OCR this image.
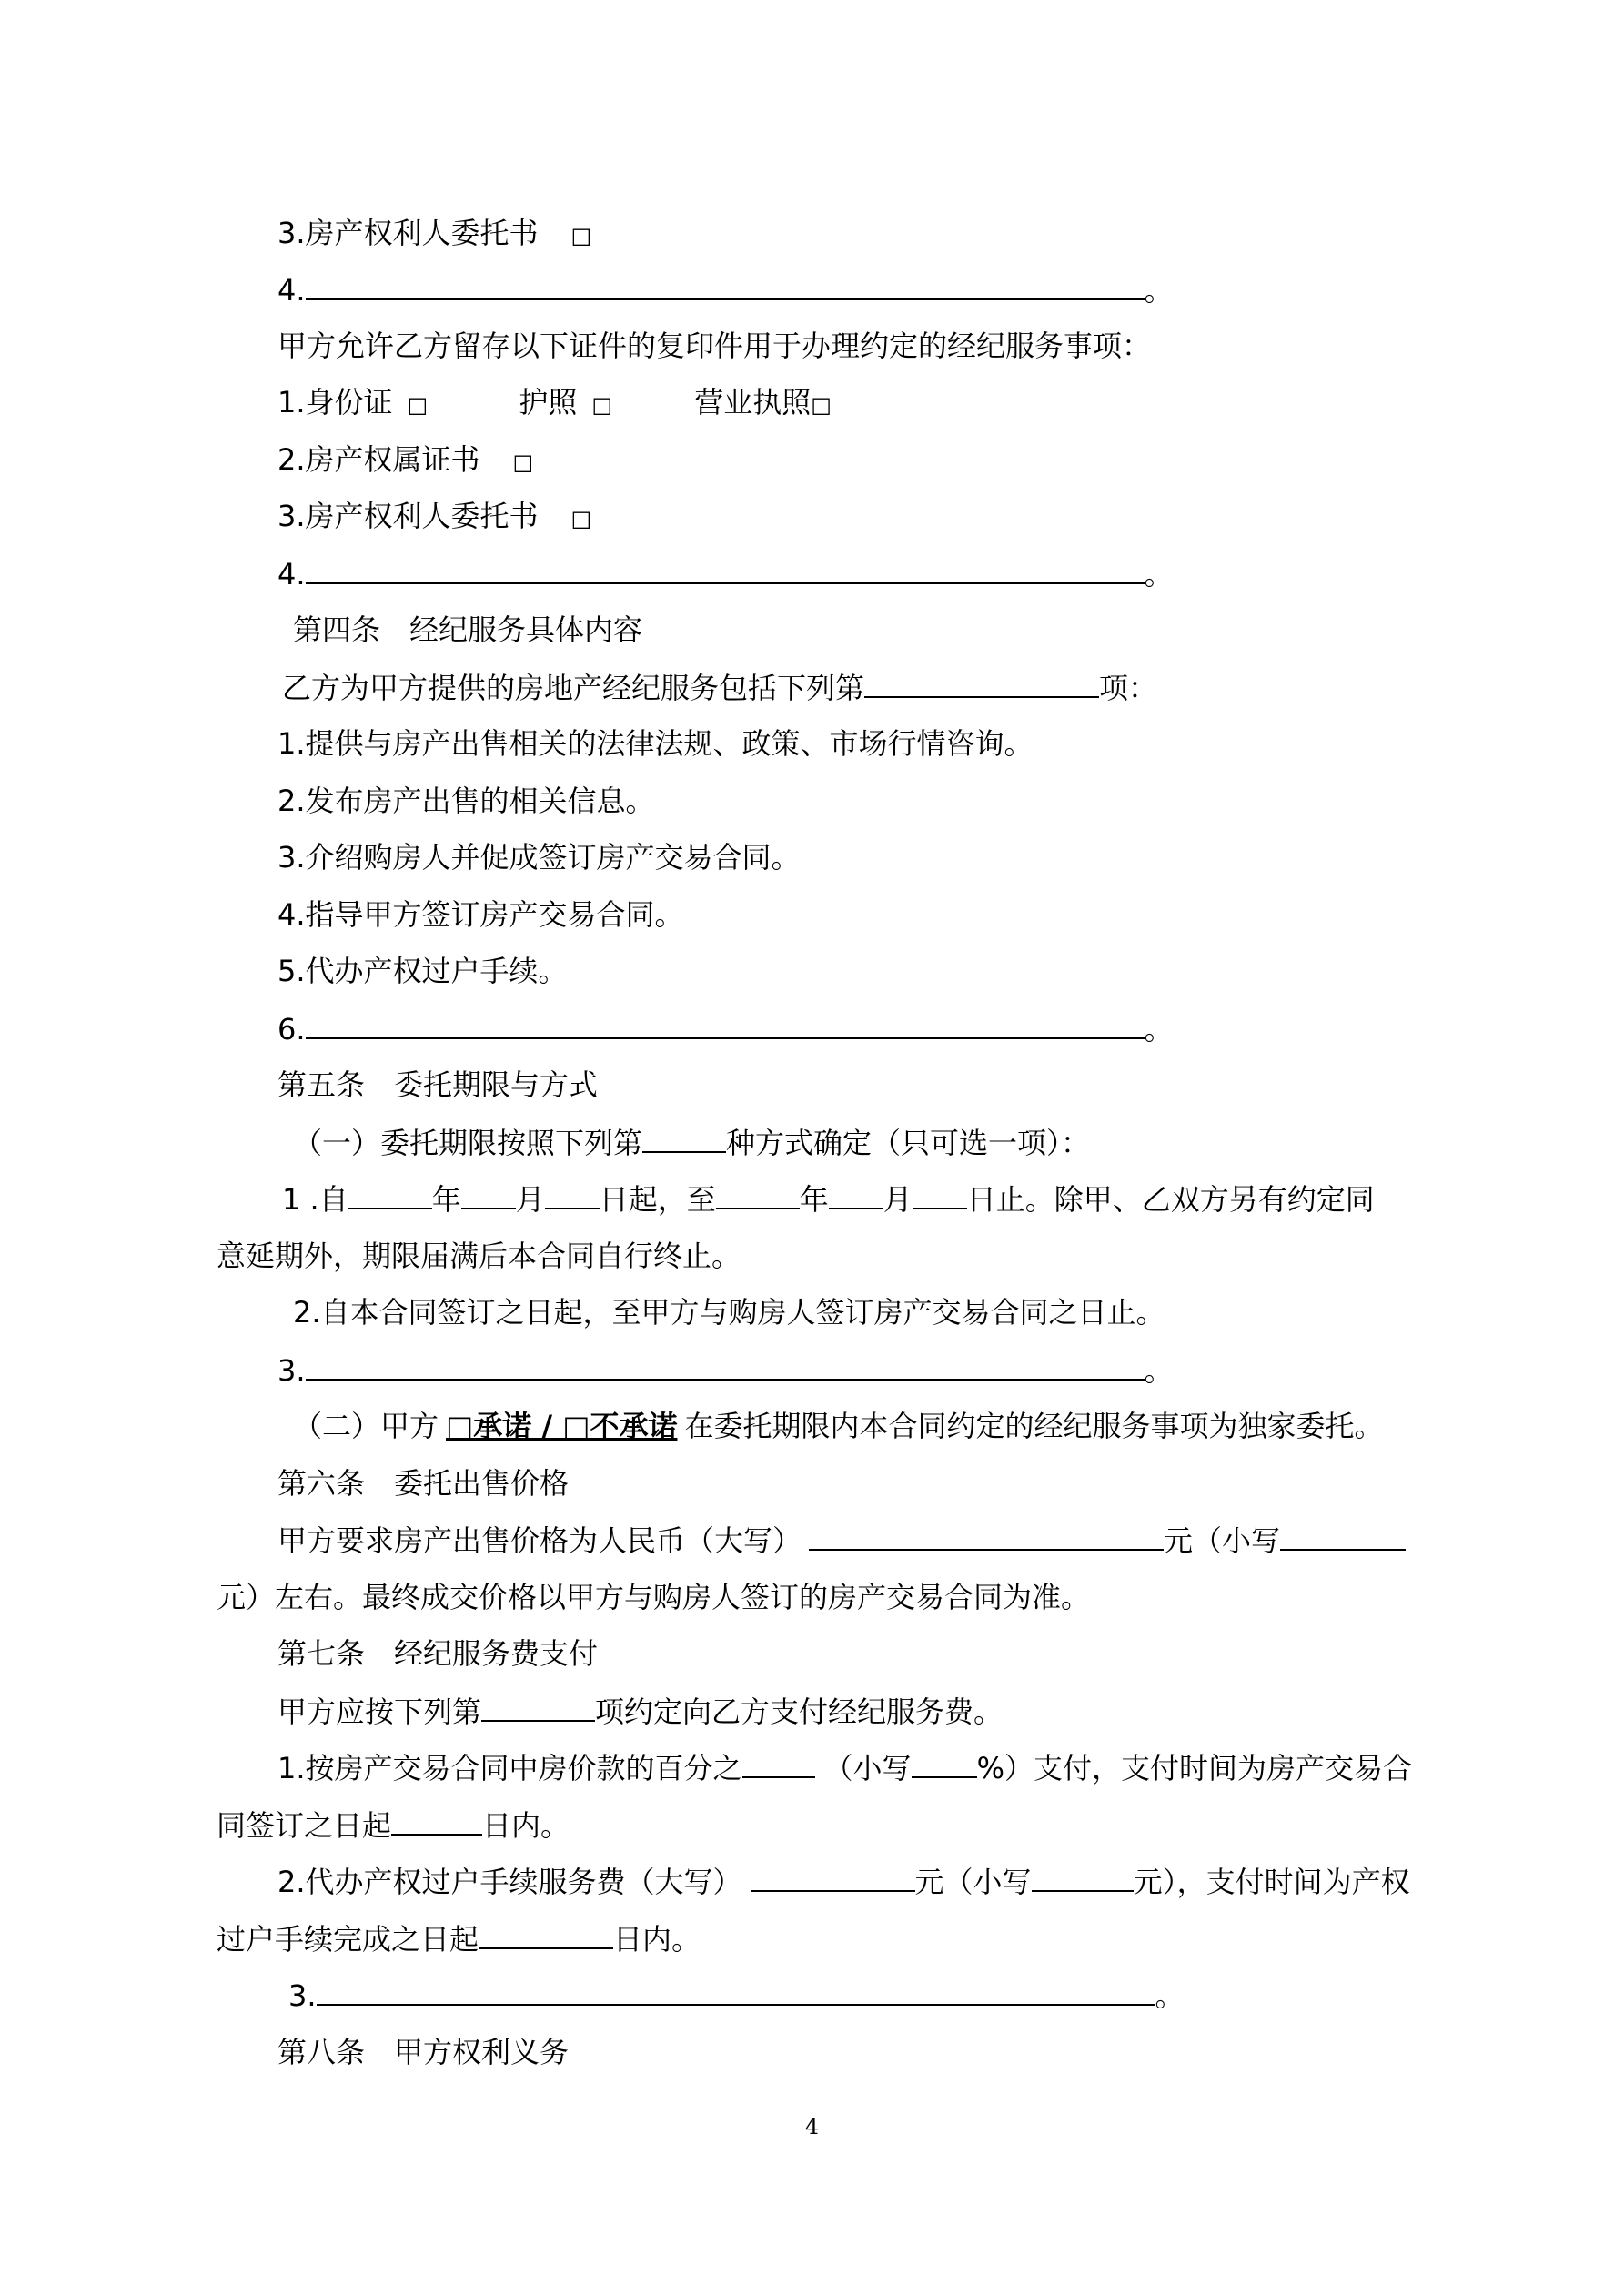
3.房产权利人委托书 □
4.	。
甲方允许乙方留存以下证件的复印件用于办理约定的经纪服务事项：
1.身份证 □	护照 □	营业执照□
2.房产权属证书 □
3.房产权利人委托书 □
4.	。
第四条　经纪服务具体内容
乙方为甲方提供的房地产经纪服务包括下列第	项：
1.提供与房产出售相关的法律法规、政策、市场行情咨询。
2.发布房产出售的相关信息。
3.介绍购房人并促成签订房产交易合同。
4.指导甲方签订房产交易合同。
5.代办产权过户手续。
6.	。
第五条　委托期限与方式
（一）委托期限按照下列第	种方式确定（只可选一项）：
1 .自	年 月 日起，至	年 月 日止。除甲、乙双方另有约定同
意延期外，期限届满后本合同自行终止。
2.自本合同签订之日起，至甲方与购房人签订房产交易合同之日止。
3.	。
（二）甲方 □承诺 / □不承诺 在委托期限内本合同约定的经纪服务事项为独家委托。
第六条　委托出售价格
甲方要求房产出售价格为人民币（大写）	元（小写
元）左右。最终成交价格以甲方与购房人签订的房产交易合同为准。
第七条　经纪服务费支付
甲方应按下列第	项约定向乙方支付经纪服务费。
1.按房产交易合同中房价款的百分之	（小写 %）支付，支付时间为房产交易合
同签订之日起	日内。
2.代办产权过户手续服务费（大写）	元（小写	元），支付时间为产权
过户手续完成之日起	日内。
3.	。
第八条　甲方权利义务
4
